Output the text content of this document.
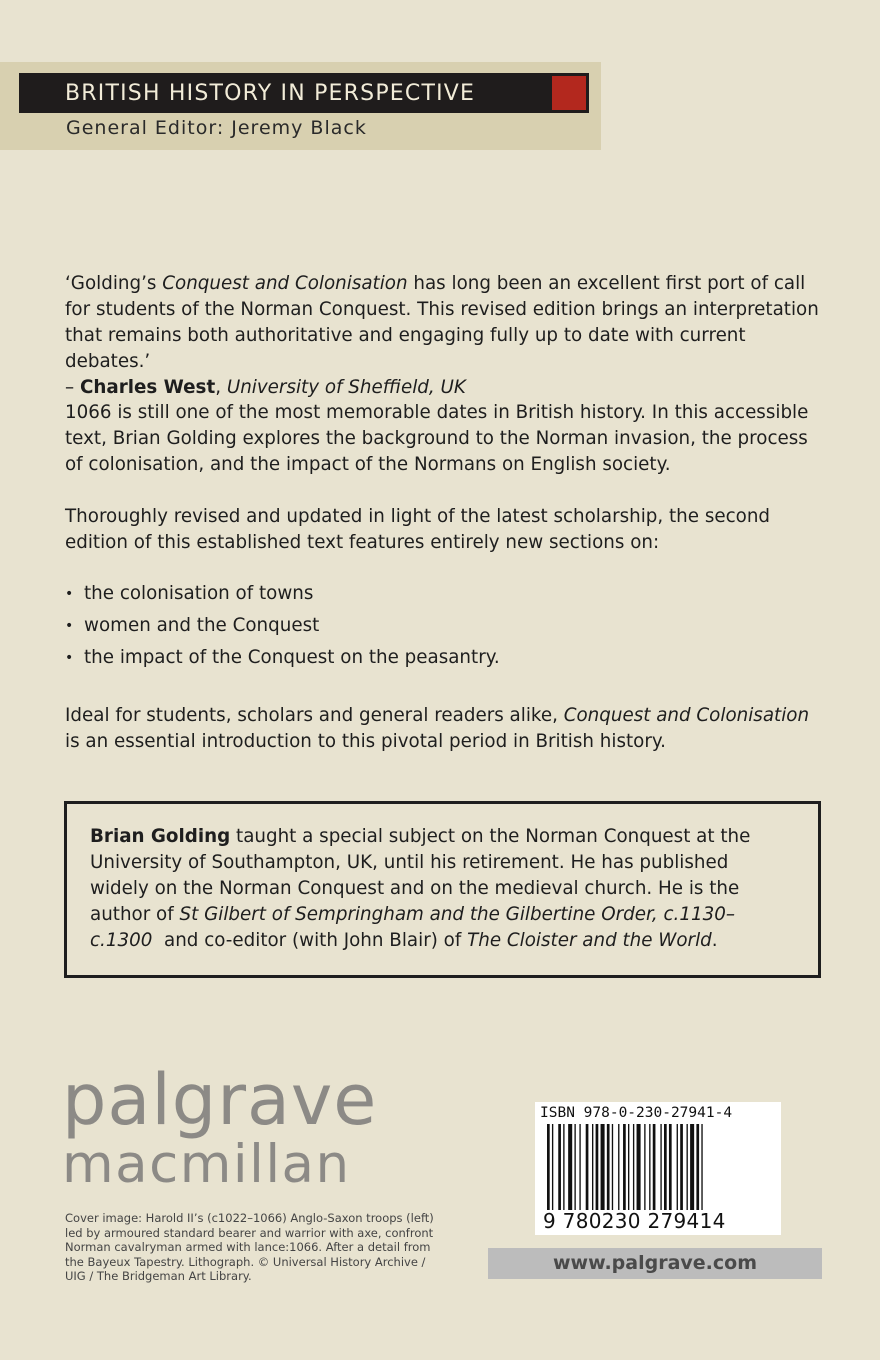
BRITISH HISTORY IN PERSPECTIVE
General Editor: Jeremy Black

‘Golding’s Conquest and Colonisation has long been an excellent first port of call for students of the Norman Conquest. This revised edition brings an interpretation that remains both authoritative and engaging fully up to date with current debates.’

– Charles West, University of Sheffield, UK

1066 is still one of the most memorable dates in British history. In this accessible text, Brian Golding explores the background to the Norman invasion, the process of colonisation, and the impact of the Normans on English society.

Thoroughly revised and updated in light of the latest scholarship, the second edition of this established text features entirely new sections on:

• the colonisation of towns
• women and the Conquest
• the impact of the Conquest on the peasantry.

Ideal for students, scholars and general readers alike, Conquest and Colonisation is an essential introduction to this pivotal period in British history.

Brian Golding taught a special subject on the Norman Conquest at the University of Southampton, UK, until his retirement. He has published widely on the Norman Conquest and on the medieval church. He is the author of St Gilbert of Sempringham and the Gilbertine Order, c.1130–c.1300  and co-editor (with John Blair) of The Cloister and the World.
palgrave
macmillan
Cover image: Harold II’s (c1022–1066) Anglo-Saxon troops (left) led by armoured standard bearer and warrior with axe, confront Norman cavalryman armed with lance:1066. After a detail from the Bayeux Tapestry. Lithograph. © Universal History Archive / UIG / The Bridgeman Art Library.
ISBN 978-0-230-27941-4
9 780230 279414
www.palgrave.com
